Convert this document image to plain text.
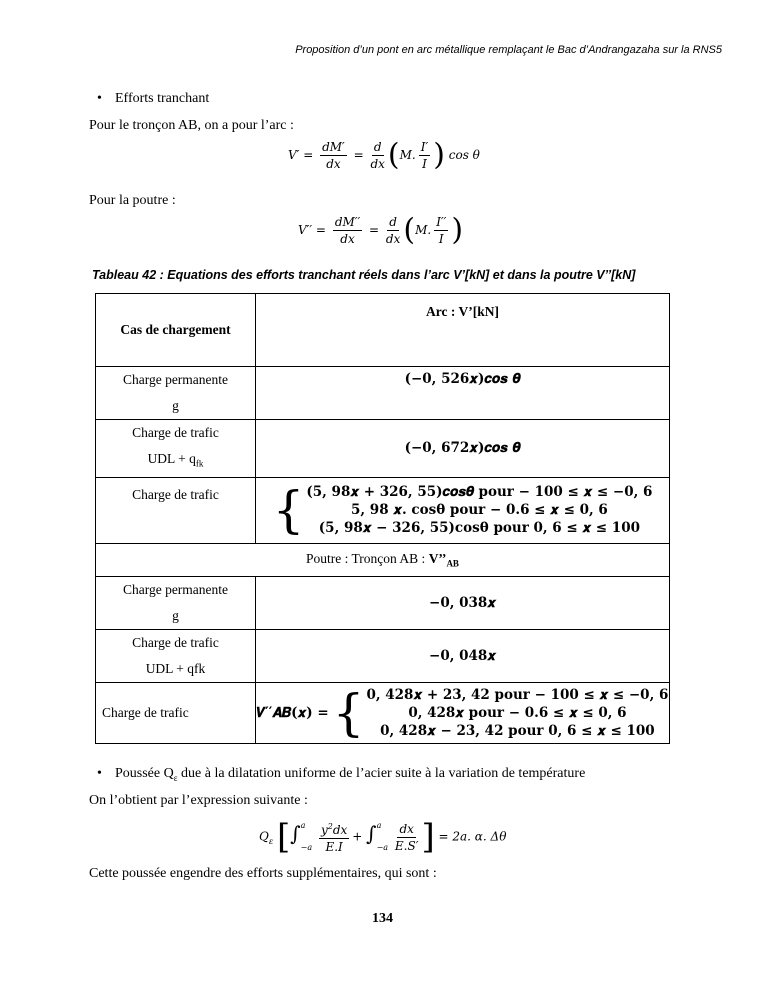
Proposition d’un pont en arc métallique remplaçant le Bac d’Andrangazaha sur la RNS5
• Efforts tranchant
Pour le tronçon AB, on a pour l’arc :
$V' = \frac{dM'}{dx} = \frac{d}{dx} (M$. $\frac{I'}{I}$ ) cos θ
Pour la poutre :
$V'' = \frac{dM''}{dx} = \frac{d}{dx} (M$. $\frac{I''}{I}$ )
Tableau 42 : Equations des efforts tranchant réels dans l’arc V’[kN] et dans la poutre V’’[kN]
Cas de chargement	Arc : V’[kN]
Charge permanente
g	(−0, 526𝒙)𝒄𝒐𝒔 𝜽
Charge de trafic
UDL + $q_{fk}$	(−0, 672𝒙)𝒄𝒐𝒔 𝜽
Charge de trafic	{ (5, 98𝒙 + 326, 55)𝒄𝒐𝒔𝜽 pour − 100 ≤ 𝒙 ≤ −0, 6
5, 98 𝒙. cosθ pour − 0.6 ≤ 𝒙 ≤ 0, 6
(5, 98𝒙 − 326, 55)cosθ pour 0, 6 ≤ 𝒙 ≤ 100

Poutre : Tronçon AB : $V’’_{AB}$
Charge permanente
g	−0, 038𝒙
Charge de trafic
UDL + qfk	−0, 048𝒙
Charge de trafic	𝑽′′𝑨𝑩(𝒙) = { 0, 428𝒙 + 23, 42 pour − 100 ≤ 𝒙 ≤ −0, 6
0, 428𝒙 pour − 0.6 ≤ 𝒙 ≤ 0, 6
0, 428𝒙 − 23, 42 pour 0, 6 ≤ 𝒙 ≤ 100
• Poussée $Q_\varepsilon$ due à la dilatation uniforme de l’acier suite à la variation de température
On l’obtient par l’expression suivante :
$Q_\varepsilon$ [∫ a
−a
$\frac{y^2dx}{E.I}$ + ∫ a
−a
$\frac{dx}{E.S'}$ ] = 2a. α. Δθ
Cette poussée engendre des efforts supplémentaires, qui sont :
134
